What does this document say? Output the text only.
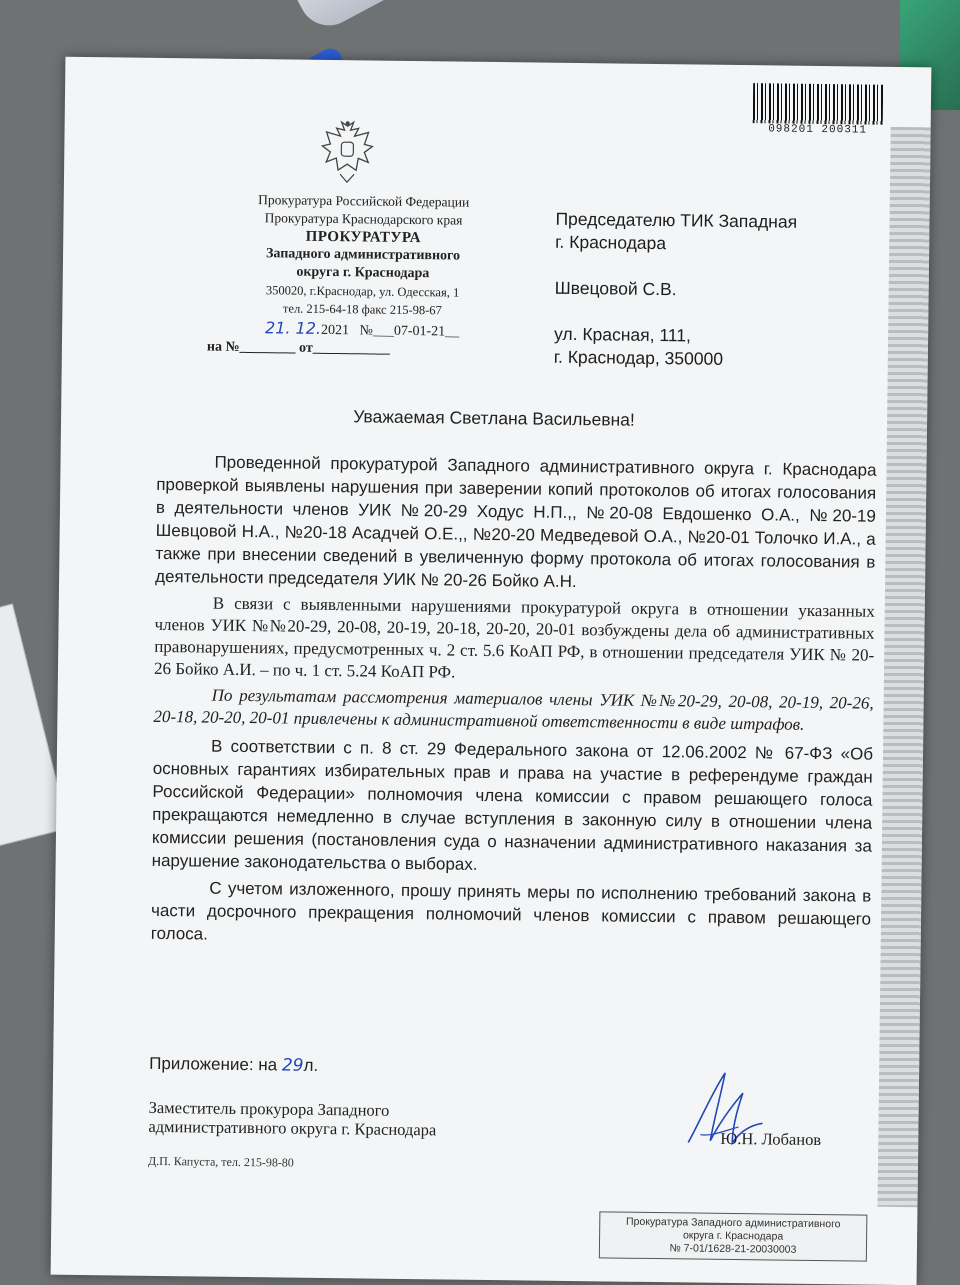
098201 200311
Прокуратура Российской Федерации
Прокуратура Краснодарского края
ПРОКУРАТУРА
Западного административного
округа г. Краснодара
350020, г.Краснодар, ул. Одесская, 1
тел. 215-64-18 факс 215-98-67
21. 12.2021 №___07-01-21__
на №________ от___________

Председателю ТИК Западная

г. Краснодара

Швецовой С.В.

ул. Красная, 111,

г. Краснодар, 350000

Уважаемая Светлана Васильевна!

Проведенной прокуратурой Западного административного округа г. Краснодара проверкой выявлены нарушения при заверении копий протоколов об итогах голосования в деятельности членов УИК №20-29 Ходус Н.П.,, №20-08 Евдошенко О.А., №20-19 Шевцовой Н.А., №20-18 Асадчей О.Е.,, №20-20 Медведевой О.А., №20-01 Толочко И.А., а также при внесении сведений в увеличенную форму протокола об итогах голосования в деятельности председателя УИК № 20-26 Бойко А.Н.

В связи с выявленными нарушениями прокуратурой округа в отношении указанных членов УИК №№20-29, 20-08, 20-19, 20-18, 20-20, 20-01 возбуждены дела об административных правонарушениях, предусмотренных ч. 2 ст. 5.6 КоАП РФ, в отношении председателя УИК № 20-26 Бойко А.И. – по ч. 1 ст. 5.24 КоАП РФ.

По результатам рассмотрения материалов члены УИК №№20-29, 20-08, 20-19, 20-26, 20-18, 20-20, 20-01 привлечены к административной ответственности в виде штрафов.

В соответствии с п. 8 ст. 29 Федерального закона от 12.06.2002 № 67-ФЗ «Об основных гарантиях избирательных прав и права на участие в референдуме граждан Российской Федерации» полномочия члена комиссии с правом решающего голоса прекращаются немедленно в случае вступления в законную силу в отношении члена комиссии решения (постановления суда о назначении административного наказания за нарушение законодательства о выборах.

С учетом изложенного, прошу принять меры по исполнению требований закона в части досрочного прекращения полномочий членов комиссии с правом решающего голоса.

Приложение: на 29л.
Заместитель прокурора Западного
административного округа г. Краснодара	Ю.Н. Лобанов
Д.П. Капуста, тел. 215-98-80
Прокуратура Западного административного
округа г. Краснодара
№ 7-01/1628-21-20030003
